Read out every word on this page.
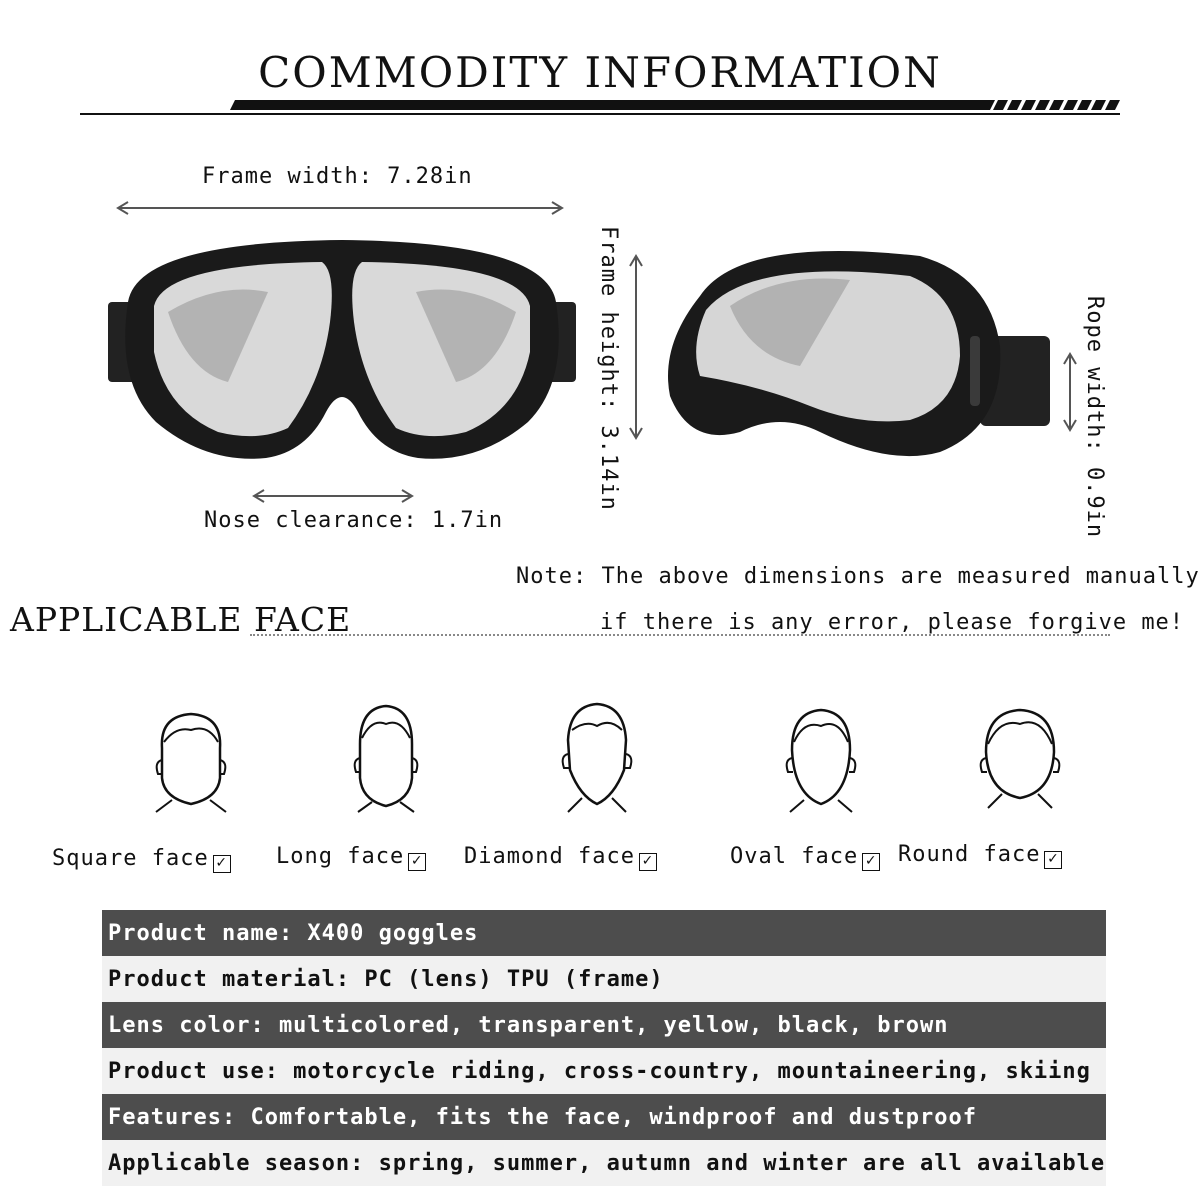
COMMODITY INFORMATION
Frame width: 7.28in
Nose clearance: 1.7in
Frame height: 3.14in	Rope width: 0.9in
Note: The above dimensions are measured manually
if there is any error, please forgive me!
APPLICABLE FACE
Square face ✓ Long face ✓ Diamond face ✓	Oval face ✓ Round face ✓
Product name: X400 goggles
Product material: PC (lens) TPU (frame)
Lens color: multicolored, transparent, yellow, black, brown
Product use: motorcycle riding, cross-country, mountaineering, skiing
Features: Comfortable, fits the face, windproof and dustproof
Applicable season: spring, summer, autumn and winter are all available
